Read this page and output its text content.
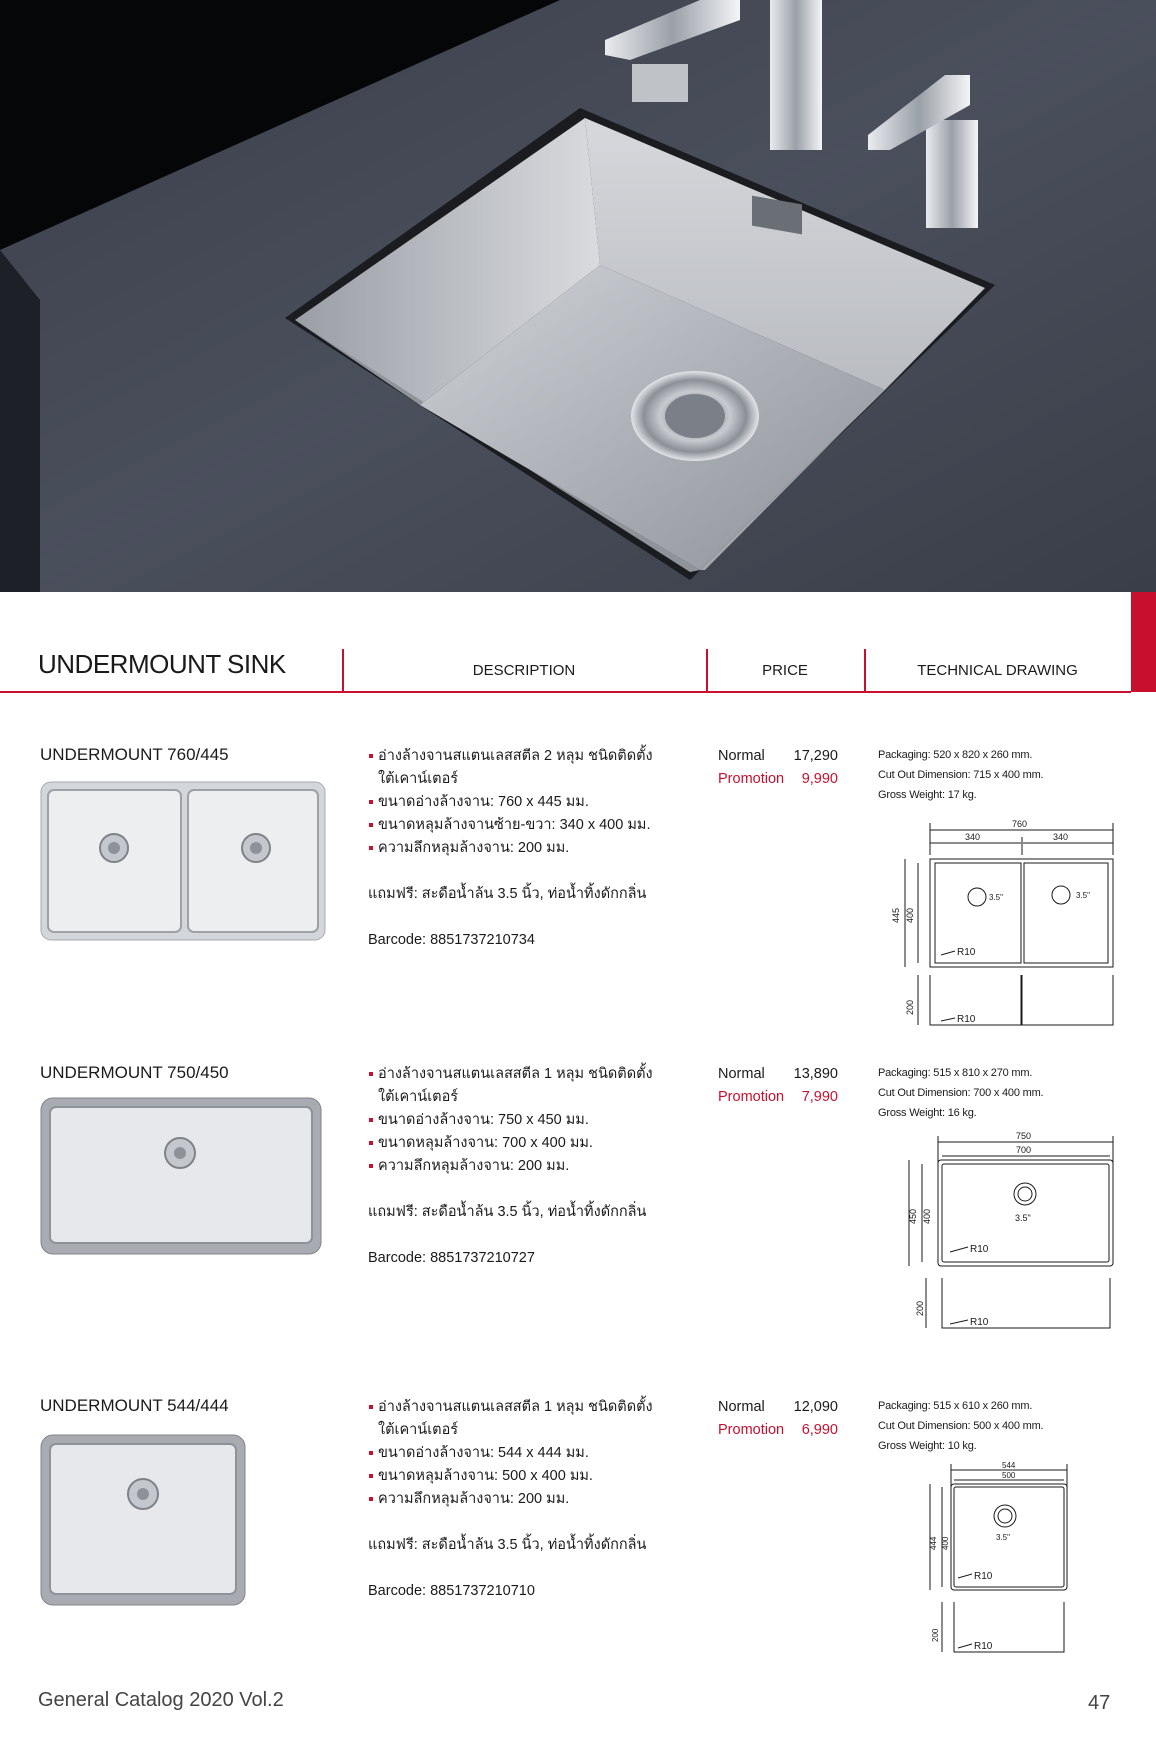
UNDERMOUNT SINK	DESCRIPTION	PRICE	TECHNICAL DRAWING
UNDERMOUNT 760/445	อ่างล้างจานสแตนเลสสตีล 2 หลุม ชนิดติดตั้งใต้เคาน์เตอร์
ขนาดอ่างล้างจาน: 760 x 445 มม.
ขนาดหลุมล้างจานซ้าย-ขวา: 340 x 400 มม.
ความลึกหลุมล้างจาน: 200 มม.
แถมฟรี: สะดือน้ำล้น 3.5 นิ้ว, ท่อน้ำทิ้งดักกลิ่น
Barcode: 8851737210734
Normal 17,290
Promotion 9,990
Packaging: 520 x 820 x 260 mm.
Cut Out Dimension: 715 x 400 mm.
Gross Weight: 17 kg.
760
340	340
445 400
3.5"	3.5"
R10
200
R10
UNDERMOUNT 750/450	อ่างล้างจานสแตนเลสสตีล 1 หลุม ชนิดติดตั้งใต้เคาน์เตอร์
ขนาดอ่างล้างจาน: 750 x 450 มม.
ขนาดหลุมล้างจาน: 700 x 400 มม.
ความลึกหลุมล้างจาน: 200 มม.
แถมฟรี: สะดือน้ำล้น 3.5 นิ้ว, ท่อน้ำทิ้งดักกลิ่น
Barcode: 8851737210727
Normal 13,890
Promotion 7,990
Packaging: 515 x 810 x 270 mm.
Cut Out Dimension: 700 x 400 mm.
Gross Weight: 16 kg.
750
700
450 400	3.5"
R10
200
R10
UNDERMOUNT 544/444	อ่างล้างจานสแตนเลสสตีล 1 หลุม ชนิดติดตั้งใต้เคาน์เตอร์
ขนาดอ่างล้างจาน: 544 x 444 มม.
ขนาดหลุมล้างจาน: 500 x 400 มม.
ความลึกหลุมล้างจาน: 200 มม.
แถมฟรี: สะดือน้ำล้น 3.5 นิ้ว, ท่อน้ำทิ้งดักกลิ่น
Barcode: 8851737210710
Normal 12,090
Promotion 6,990
Packaging: 515 x 610 x 260 mm.
Cut Out Dimension: 500 x 400 mm.
Gross Weight: 10 kg.
544
500
444 400	3.5"
R10
200
R10
General Catalog 2020 Vol.2	47
